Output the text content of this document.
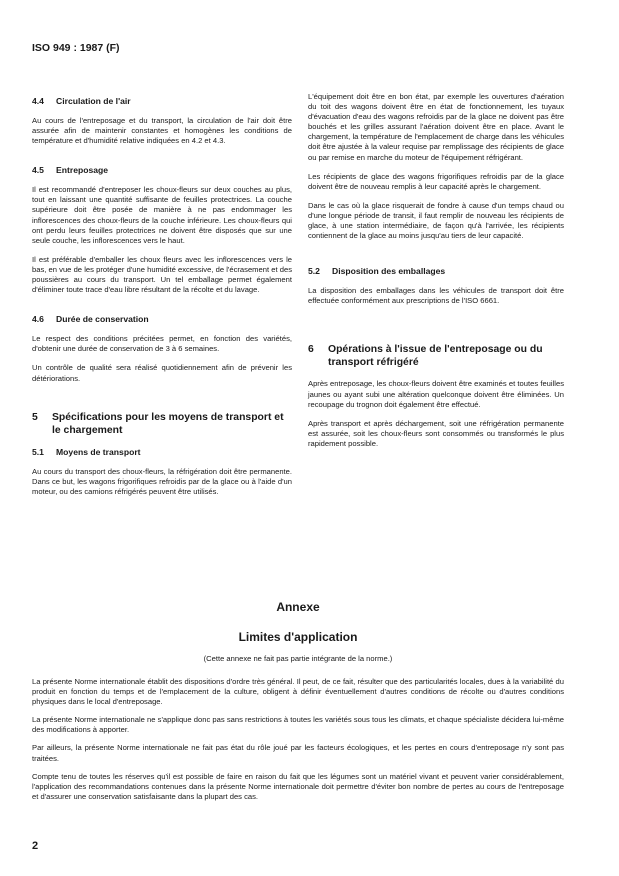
ISO 949 : 1987 (F)
4.4 Circulation de l'air

Au cours de l'entreposage et du transport, la circulation de l'air doit être assurée afin de maintenir constantes et homogènes les conditions de température et d'humidité relative indiquées en 4.2 et 4.3.

4.5 Entreposage

Il est recommandé d'entreposer les choux-fleurs sur deux couches au plus, tout en laissant une quantité suffisante de feuilles protectrices. La couche supérieure doit être posée de manière à ne pas endommager les inflorescences des choux-fleurs de la couche inférieure. Les choux-fleurs qui ont perdu leurs feuilles protectrices ne doivent être disposés que sur une seule couche, les inflorescences vers le haut.

Il est préférable d'emballer les choux fleurs avec les inflorescences vers le bas, en vue de les protéger d'une humidité excessive, de l'écrasement et des poussières au cours du transport. Un tel emballage permet également d'éliminer toute trace d'eau libre résultant de la récolte et du lavage.

4.6 Durée de conservation

Le respect des conditions précitées permet, en fonction des variétés, d'obtenir une durée de conservation de 3 à 6 semaines.

Un contrôle de qualité sera réalisé quotidiennement afin de prévenir les détériorations.

5	Spécifications pour les moyens de transport et le chargement
5.1 Moyens de transport

Au cours du transport des choux-fleurs, la réfrigération doit être permanente. Dans ce but, les wagons frigorifiques refroidis par de la glace ou à l'aide d'un moteur, ou des camions réfrigérés peuvent être utilisés.

L'équipement doit être en bon état, par exemple les ouvertures d'aération du toit des wagons doivent être en état de fonctionnement, les tuyaux d'évacuation d'eau des wagons refroidis par de la glace ne doivent pas être bouchés et les grilles assurant l'aération doivent être en place. Avant le chargement, la température de l'emplacement de charge dans les véhicules doit être ajustée à la valeur requise par remplissage des récipients de glace ou par remise en marche du moteur de l'équipement réfrigérant.

Les récipients de glace des wagons frigorifiques refroidis par de la glace doivent être de nouveau remplis à leur capacité après le chargement.

Dans le cas où la glace risquerait de fondre à cause d'un temps chaud ou d'une longue période de transit, il faut remplir de nouveau les récipients de glace, à une station intermédiaire, de façon qu'à l'arrivée, les récipients contiennent de la glace au moins jusqu'au tiers de leur capacité.

5.2 Disposition des emballages

La disposition des emballages dans les véhicules de transport doit être effectuée conformément aux prescriptions de l'ISO 6661.

6	Opérations à l'issue de l'entreposage ou du transport réfrigéré

Après entreposage, les choux-fleurs doivent être examinés et toutes feuilles jaunes ou ayant subi une altération quelconque doivent être éliminées. Un recoupage du trognon doit également être effectué.

Après transport et après déchargement, soit une réfrigération permanente est assurée, soit les choux-fleurs sont consommés ou transformés le plus rapidement possible.

Annexe
Limites d'application
(Cette annexe ne fait pas partie intégrante de la norme.)

La présente Norme internationale établit des dispositions d'ordre très général. Il peut, de ce fait, résulter que des particularités locales, dues à la variabilité du produit en fonction du temps et de l'emplacement de la culture, obligent à définir éventuellement d'autres conditions de récolte ou d'autres conditions physiques dans le local d'entreposage.

La présente Norme internationale ne s'applique donc pas sans restrictions à toutes les variétés sous tous les climats, et chaque spécialiste décidera lui-même des modifications à apporter.

Par ailleurs, la présente Norme internationale ne fait pas état du rôle joué par les facteurs écologiques, et les pertes en cours d'entreposage n'y sont pas traitées.

Compte tenu de toutes les réserves qu'il est possible de faire en raison du fait que les légumes sont un matériel vivant et peuvent varier considérablement, l'application des recommandations contenues dans la présente Norme internationale doit permettre d'éviter bon nombre de pertes au cours de l'entreposage et d'assurer une conservation satisfaisante dans la plupart des cas.

2
